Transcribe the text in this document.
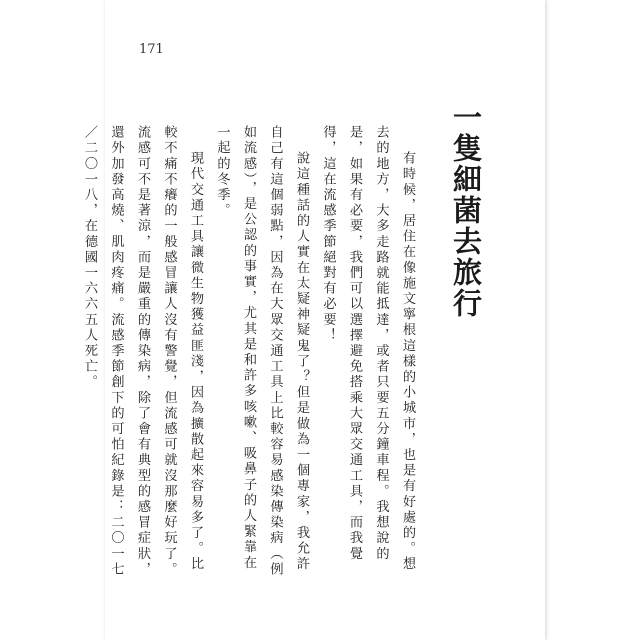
171
一隻細菌去旅行

有時候，居住在像施文寧根這樣的小城市，也是有好處的。想去的地方，大多走路就能抵達，或者只要五分鐘車程。我想說的是，如果有必要，我們可以選擇避免搭乘大眾交通工具，而我覺得，這在流感季節絕對有必要！

說這種話的人實在太疑神疑鬼了？但是做為一個專家，我允許自己有這個弱點，因為在大眾交通工具上比較容易感染傳染病（例如流感），是公認的事實，尤其是和許多咳嗽、吸鼻子的人緊靠在一起的冬季。

現代交通工具讓微生物獲益匪淺，因為擴散起來容易多了。比較不痛不癢的一般感冒讓人沒有警覺，但流感可就沒那麼好玩了。流感可不是著涼，而是嚴重的傳染病，除了會有典型的感冒症狀，還外加發高燒、肌肉疼痛。流感季節創下的可怕紀錄是：二〇一七／二〇一八，在德國一六六五人死亡。
